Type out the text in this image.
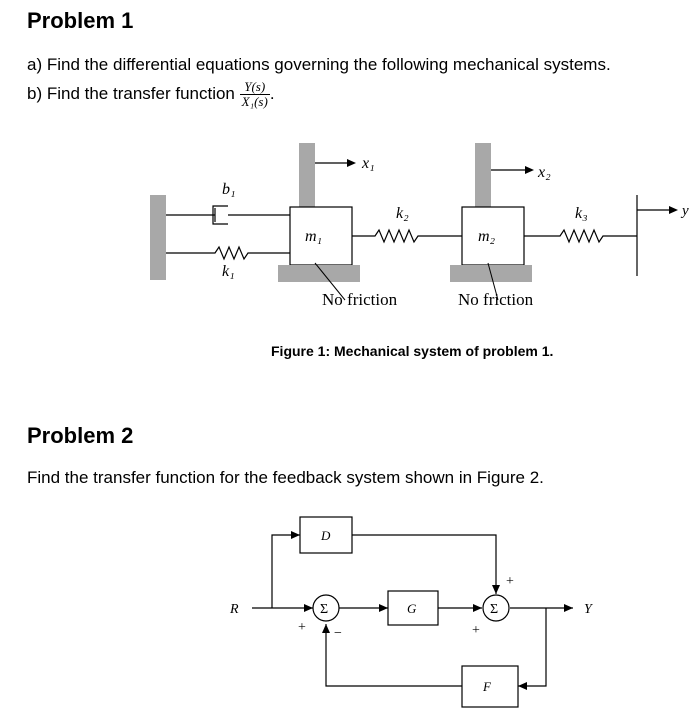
Problem 1
a) Find the differential equations governing the following mechanical systems.
b) Find the transfer function $\frac{Y(s)}{\text{X₁(s)}}$ .
b₁
k₁
m₁
x₁
k₂
m₂
x₂
k₃	y
No friction	No friction
Figure 1: Mechanical system of problem 1.
Problem 2
Find the transfer function for the feedback system shown in Figure 2.
D
G
F
Σ	Σ
+ −
+
+
R	Y
